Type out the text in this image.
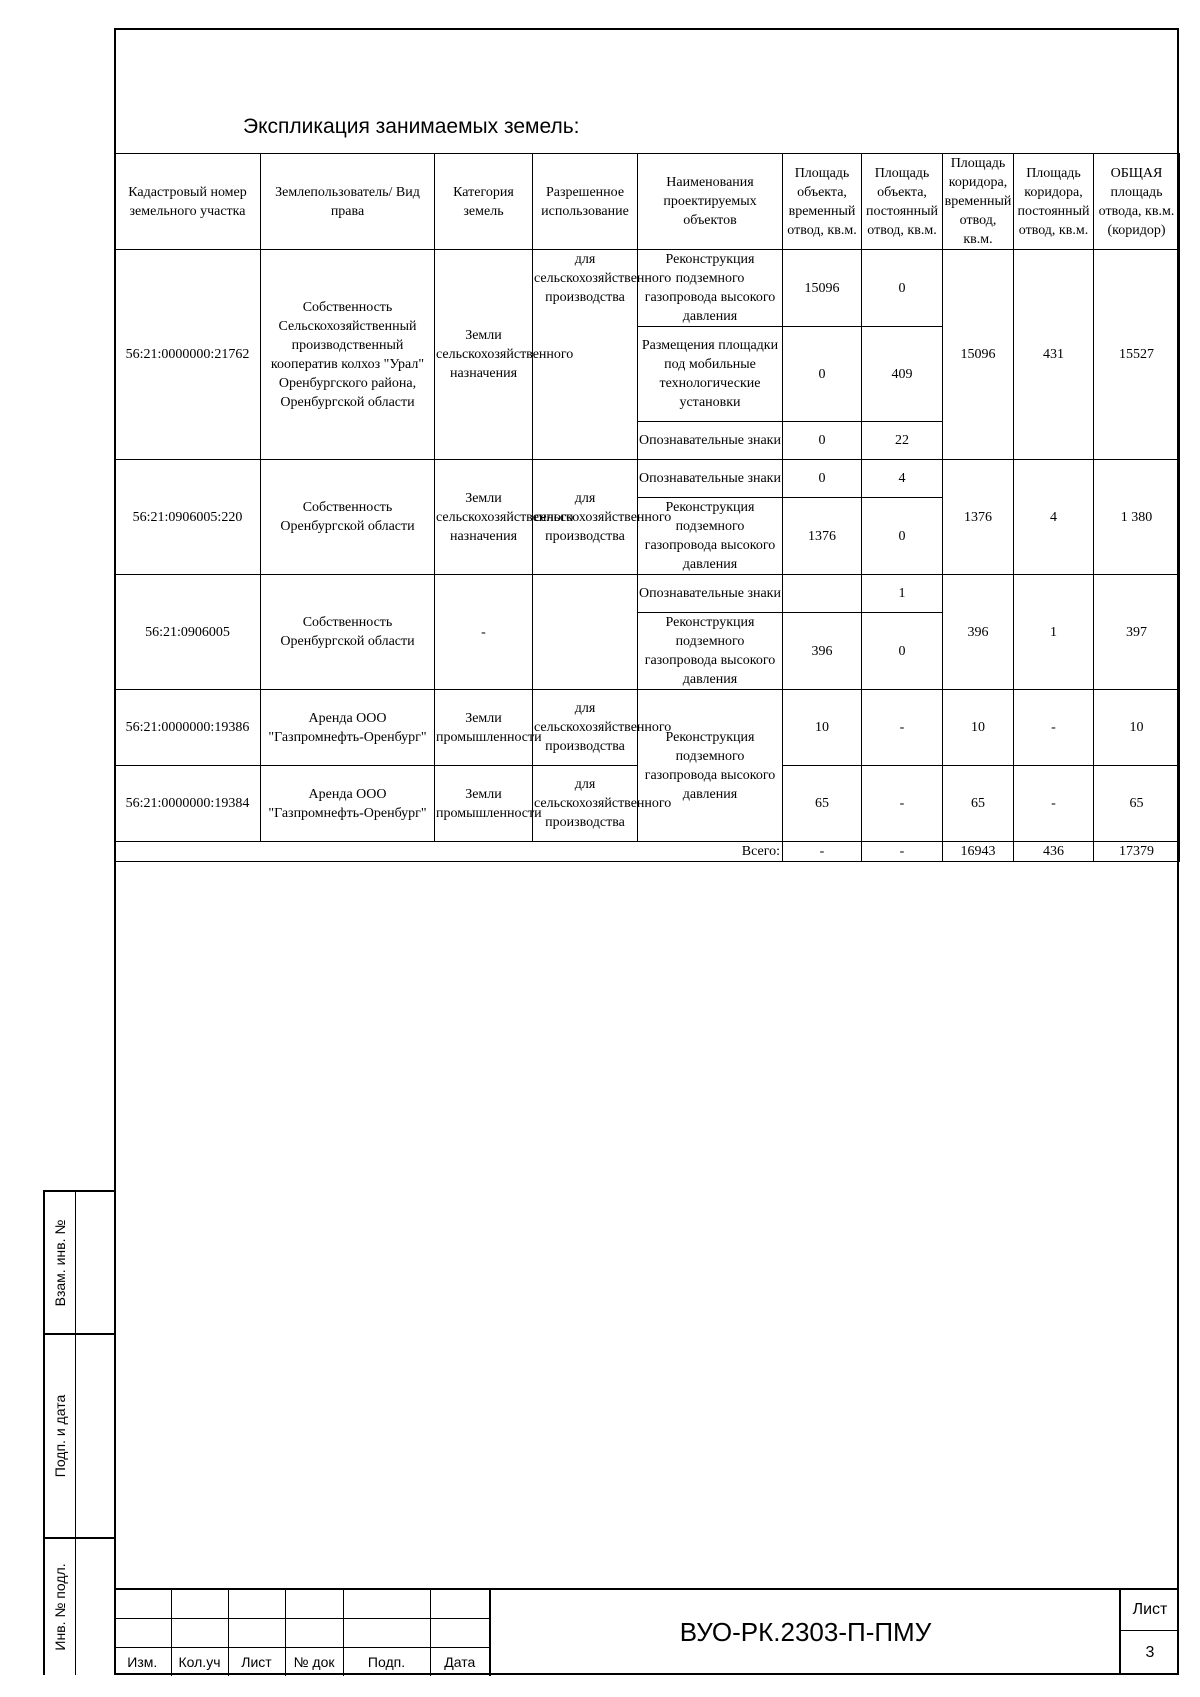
Экспликация занимаемых земель:
Кадастровый номер земельного участка	Землепользователь/ Вид права	Категория земель	Разрешенное использование	Наименования проектируемых объектов	Площадь объекта, временный отвод, кв.м.	Площадь объекта, постоянный отвод, кв.м.	Площадь коридора, временный отвод, кв.м.	Площадь коридора, постоянный отвод, кв.м.	ОБЩАЯ площадь отвода, кв.м. (коридор)
56:21:0000000:21762	Собственность Сельскохозяйственный производственный кооператив колхоз "Урал" Оренбургского района, Оренбургской области	Земли сельскохозяйственного назначения	для сельскохозяйственного производства	Реконструкция подземного газопровода высокого давления	15096	0	15096	431	15527
				Размещения площадки под мобильные технологические установки	0	409			
				Опознавательные знаки	0	22			
56:21:0906005:220	Собственность Оренбургской области	Земли сельскохозяйственного назначения	для сельскохозяйственного производства	Опознавательные знаки	0	4	1376	4	1 380
				Реконструкция подземного газопровода высокого давления	1376	0			
56:21:0906005	Собственность Оренбургской области	-		Опознавательные знаки		1	396	1	397
				Реконструкция подземного газопровода высокого давления	396	0			
56:21:0000000:19386	Аренда ООО "Газпромнефть-Оренбург"	Земли промышленности	для сельскохозяйственного производства	Реконструкция подземного газопровода высокого давления	10	-	10	-	10
56:21:0000000:19384	Аренда ООО "Газпромнефть-Оренбург"	Земли промышленности	для сельскохозяйственного производства		65	-	65	-	65
Всего:					-	-	16943	436	17379
Взам. инв. №
Подп. и дата
Инв. № подл.

Изм.	Кол.уч	Лист	№ док	Подп.	Дата
ВУО-РК.2303-П-ПМУ
Лист
3
